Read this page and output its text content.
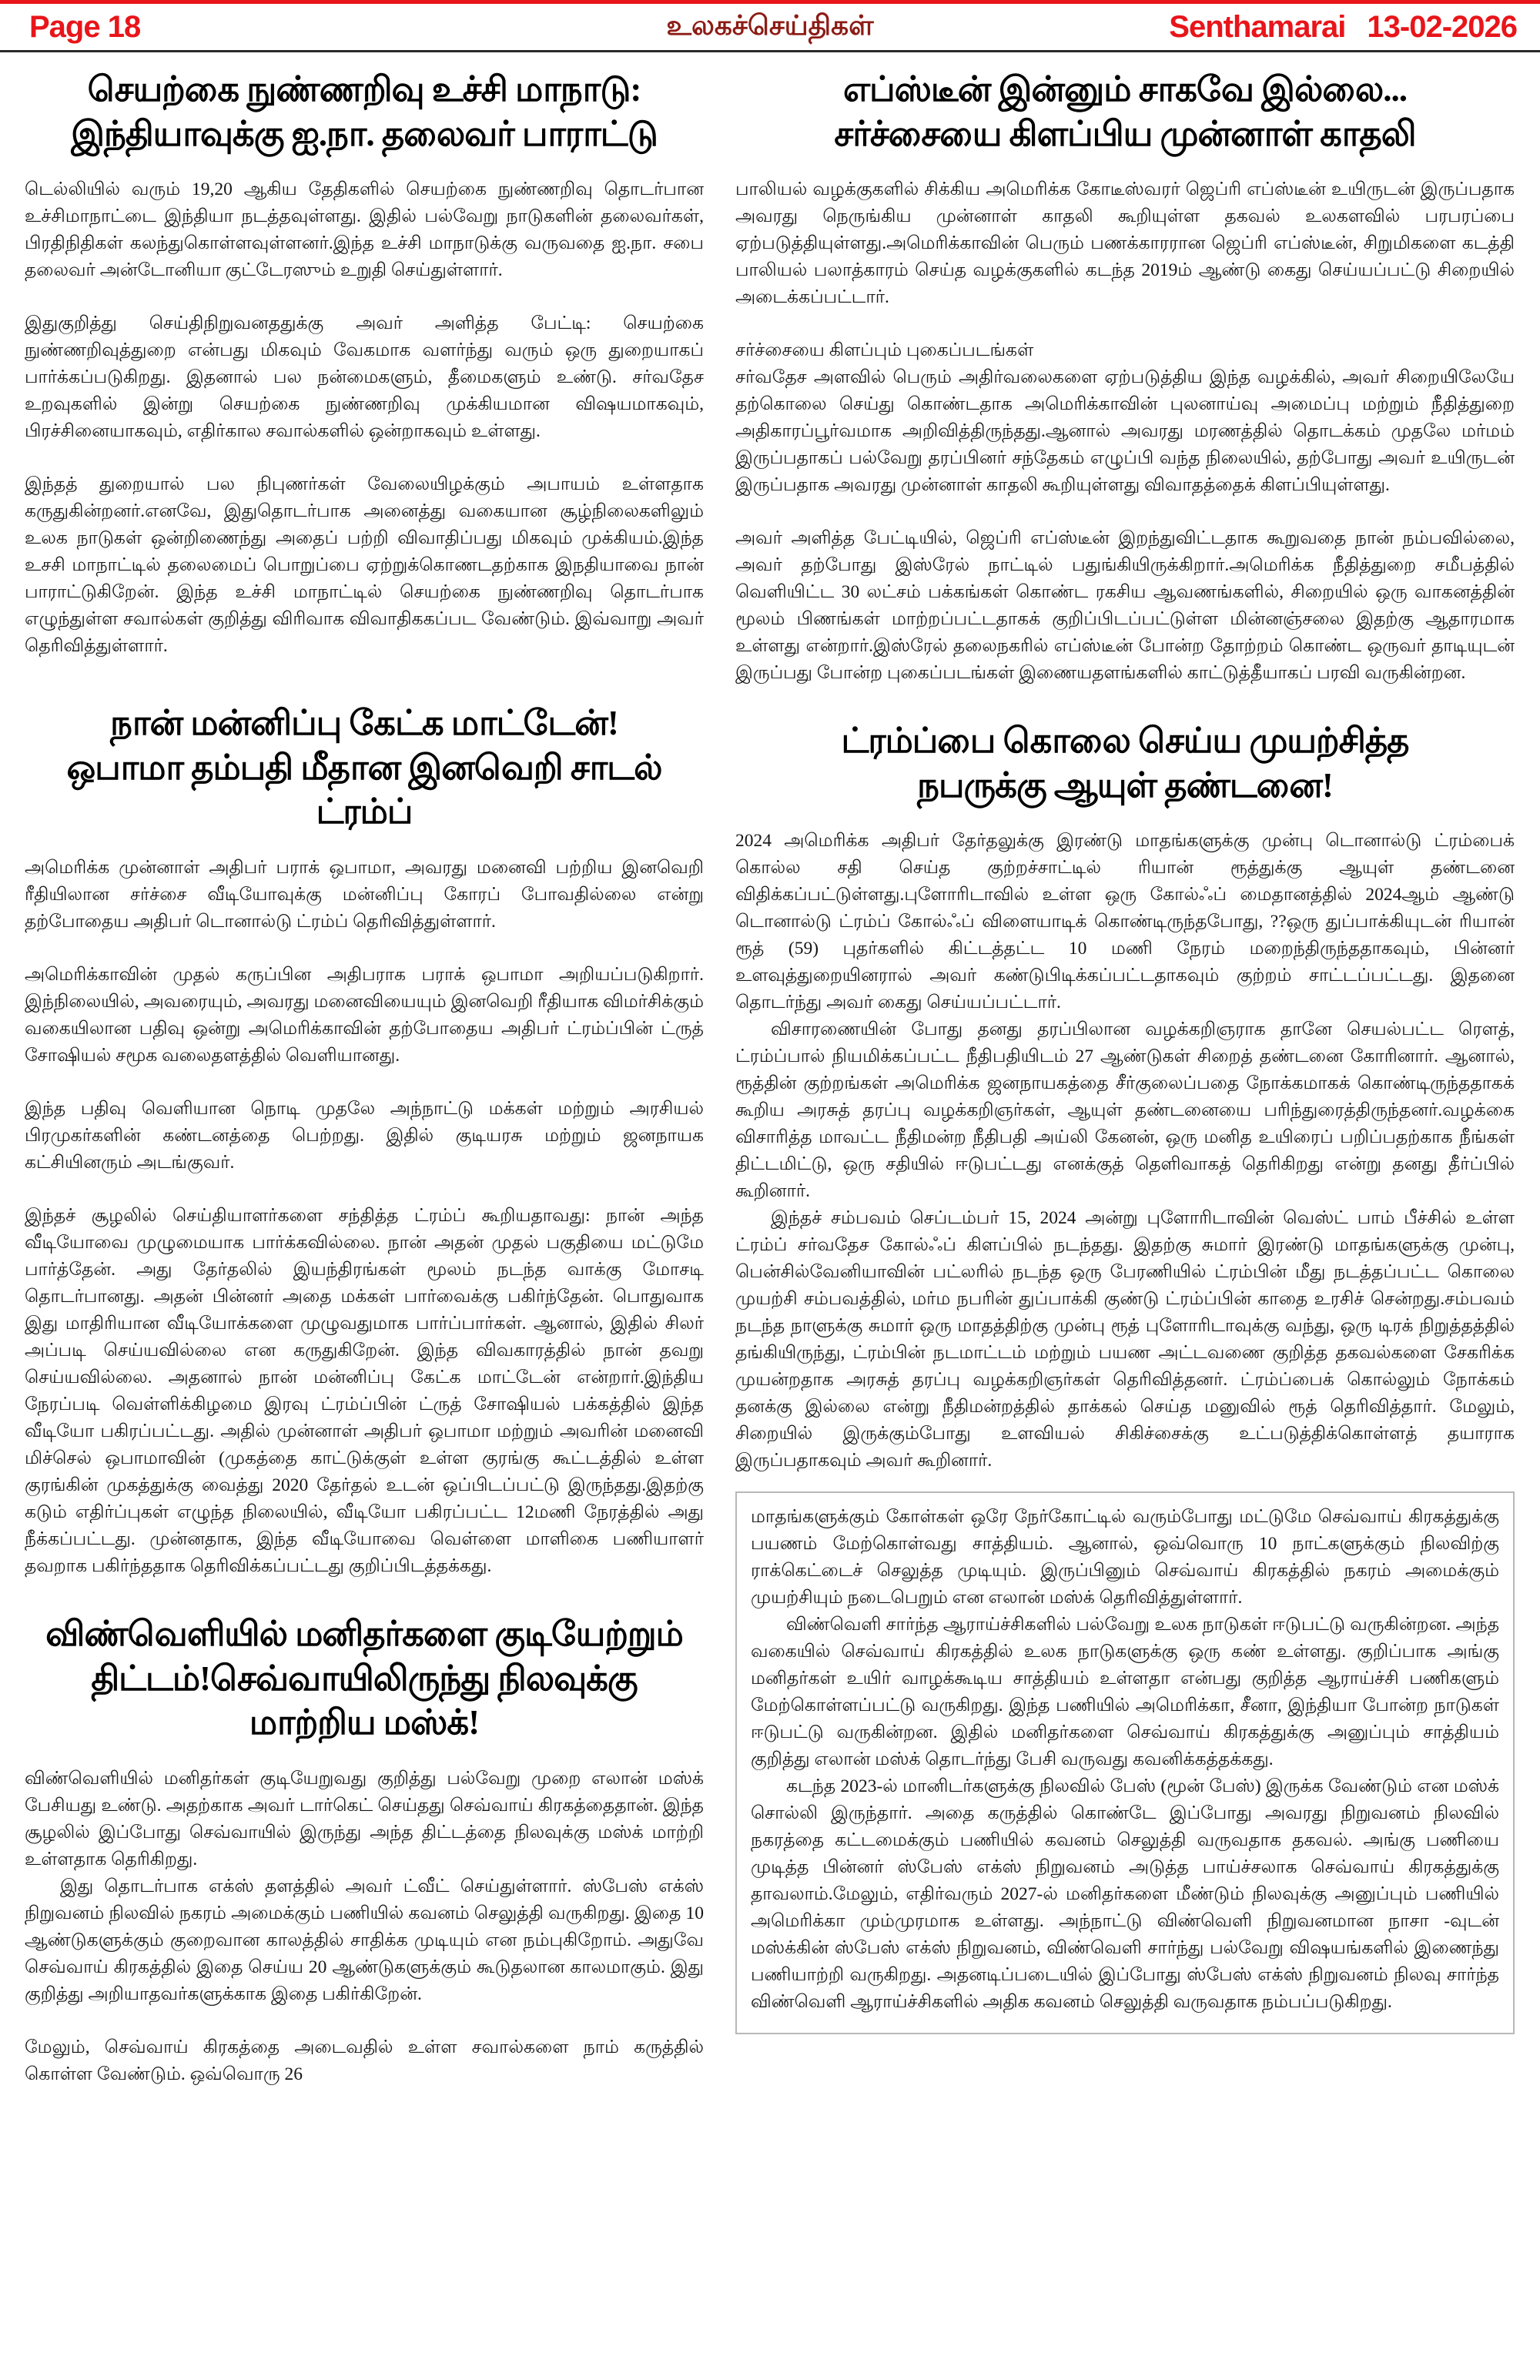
Page 18	உலகச்செய்திகள்	Senthamarai 13-02-2026
செயற்கை நுண்ணறிவு உச்சி மாநாடு:
இந்தியாவுக்கு ஐ.நா. தலைவர் பாராட்டு

டெல்லியில் வரும் 19,20 ஆகிய தேதிகளில் செயற்கை நுண்ணறிவு தொடர்பான உச்சிமாநாட்டை இந்தியா நடத்தவுள்ளது. இதில் பல்வேறு நாடுகளின் தலைவர்கள், பிரதிநிதிகள் கலந்துகொள்ளவுள்ளனர்.இந்த உச்சி மாநாடுக்கு வருவதை ஐ.நா. சபை தலைவர் அன்டோனியா குட்டேரஸும் உறுதி செய்துள்ளார்.

இதுகுறித்து செய்திநிறுவனததுக்கு அவர் அளித்த பேட்டி: செயற்கை நுண்ணறிவுத்துறை என்பது மிகவும் வேகமாக வளர்ந்து வரும் ஒரு துறையாகப் பார்க்கப்படுகிறது. இதனால் பல நன்மைகளும், தீமைகளும் உண்டு. சர்வதேச உறவுகளில் இன்று செயற்கை நுண்ணறிவு முக்கியமான விஷயமாகவும், பிரச்சினையாகவும், எதிர்கால சவால்களில் ஒன்றாகவும் உள்ளது.

இந்தத் துறையால் பல நிபுணர்கள் வேலையிழக்கும் அபாயம் உள்ளதாக கருதுகின்றனர்.எனவே, இதுதொடர்பாக அனைத்து வகையான சூழ்நிலைகளிலும் உலக நாடுகள் ஒன்றிணைந்து அதைப் பற்றி விவாதிப்பது மிகவும் முக்கியம்.இந்த உசசி மாநாட்டில் தலைமைப் பொறுப்பை ஏற்றுக்கொணடதற்காக இநதியாவை நான் பாராட்டுகிறேன். இந்த உச்சி மாநாட்டில் செயற்கை நுண்ணறிவு தொடர்பாக எழுந்துள்ள சவால்கள் குறித்து விரிவாக விவாதிககப்பட வேண்டும். இவ்வாறு அவர் தெரிவித்துள்ளார்.

நான் மன்னிப்பு கேட்க மாட்டேன்!
ஒபாமா தம்பதி மீதான இனவெறி சாடல் ட்ரம்ப்

அமெரிக்க முன்னாள் அதிபர் பராக் ஒபாமா, அவரது மனைவி பற்றிய இனவெறி ரீதியிலான சர்ச்சை வீடியோவுக்கு மன்னிப்பு கோரப் போவதில்லை என்று தற்போதைய அதிபர் டொனால்டு ட்ரம்ப் தெரிவித்துள்ளார்.

அமெரிக்காவின் முதல் கருப்பின அதிபராக பராக் ஒபாமா அறியப்படுகிறார். இந்நிலையில், அவரையும், அவரது மனைவியையும் இனவெறி ரீதியாக விமர்சிக்கும் வகையிலான பதிவு ஒன்று அமெரிக்காவின் தற்போதைய அதிபர் ட்ரம்ப்பின் ட்ருத் சோஷியல் சமூக வலைதளத்தில் வெளியானது.

இந்த பதிவு வெளியான நொடி முதலே அந்நாட்டு மக்கள் மற்றும் அரசியல் பிரமுகர்களின் கண்டனத்தை பெற்றது. இதில் குடியரசு மற்றும் ஜனநாயக கட்சியினரும் அடங்குவர்.

இந்தச் சூழலில் செய்தியாளர்களை சந்தித்த ட்ரம்ப் கூறியதாவது: நான் அந்த வீடியோவை முழுமையாக பார்க்கவில்லை. நான் அதன் முதல் பகுதியை மட்டுமே பார்த்தேன். அது தேர்தலில் இயந்திரங்கள் மூலம் நடந்த வாக்கு மோசடி தொடர்பானது. அதன் பின்னர் அதை மக்கள் பார்வைக்கு பகிர்ந்தேன். பொதுவாக இது மாதிரியான வீடியோக்களை முழுவதுமாக பார்ப்பார்கள். ஆனால், இதில் சிலர் அப்படி செய்யவில்லை என கருதுகிறேன். இந்த விவகாரத்தில் நான் தவறு செய்யவில்லை. அதனால் நான் மன்னிப்பு கேட்க மாட்டேன் என்றார்.இந்திய நேரப்படி வெள்ளிக்கிழமை இரவு ட்ரம்ப்பின் ட்ருத் சோஷியல் பக்கத்தில் இந்த வீடியோ பகிரப்பட்டது. அதில் முன்னாள் அதிபர் ஒபாமா மற்றும் அவரின் மனைவி மிச்செல் ஒபாமாவின் (முகத்தை காட்டுக்குள் உள்ள குரங்கு கூட்டத்தில் உள்ள குரங்கின் முகத்துக்கு வைத்து 2020 தேர்தல் உடன் ஒப்பிடப்பட்டு இருந்தது.இதற்கு கடும் எதிர்ப்புகள் எழுந்த நிலையில், வீடியோ பகிரப்பட்ட 12மணி நேரத்தில் அது நீக்கப்பட்டது. முன்னதாக, இந்த வீடியோவை வெள்ளை மாளிகை பணியாளர் தவறாக பகிர்ந்ததாக தெரிவிக்கப்பட்டது குறிப்பிடத்தக்கது.

விண்வெளியில் மனிதர்களை குடியேற்றும்
திட்டம்!செவ்வாயிலிருந்து நிலவுக்கு மாற்றிய மஸ்க்!

விண்வெளியில் மனிதர்கள் குடியேறுவது குறித்து பல்வேறு முறை எலான் மஸ்க் பேசியது உண்டு. அதற்காக அவர் டார்கெட் செய்தது செவ்வாய் கிரகத்தைதான். இந்த சூழலில் இப்போது செவ்வாயில் இருந்து அந்த திட்டத்தை நிலவுக்கு மஸ்க் மாற்றி உள்ளதாக தெரிகிறது.

இது தொடர்பாக எக்ஸ் தளத்தில் அவர் ட்வீட் செய்துள்ளார். ஸ்பேஸ் எக்ஸ் நிறுவனம் நிலவில் நகரம் அமைக்கும் பணியில் கவனம் செலுத்தி வருகிறது. இதை 10 ஆண்டுகளுக்கும் குறைவான காலத்தில் சாதிக்க முடியும் என நம்புகிறோம். அதுவே செவ்வாய் கிரகத்தில் இதை செய்ய 20 ஆண்டுகளுக்கும் கூடுதலான காலமாகும். இது குறித்து அறியாதவர்களுக்காக இதை பகிர்கிறேன்.

மேலும், செவ்வாய் கிரகத்தை அடைவதில் உள்ள சவால்களை நாம் கருத்தில் கொள்ள வேண்டும். ஒவ்வொரு 26

எப்ஸ்டீன் இன்னும் சாகவே இல்லை...
சர்ச்சையை கிளப்பிய முன்னாள் காதலி

பாலியல் வழக்குகளில் சிக்கிய அமெரிக்க கோடீஸ்வரர் ஜெப்ரி எப்ஸ்டீன் உயிருடன் இருப்பதாக அவரது நெருங்கிய முன்னாள் காதலி கூறியுள்ள தகவல் உலகளவில் பரபரப்பை ஏற்படுத்தியுள்ளது.அமெரிக்காவின் பெரும் பணக்காரரான ஜெப்ரி எப்ஸ்டீன், சிறுமிகளை கடத்தி பாலியல் பலாத்காரம் செய்த வழக்குகளில் கடந்த 2019ம் ஆண்டு கைது செய்யப்பட்டு சிறையில் அடைக்கப்பட்டார்.

சர்ச்சையை கிளப்பும் புகைப்படங்கள்

சர்வதேச அளவில் பெரும் அதிர்வலைகளை ஏற்படுத்திய இந்த வழக்கில், அவர் சிறையிலேயே தற்கொலை செய்து கொண்டதாக அமெரிக்காவின் புலனாய்வு அமைப்பு மற்றும் நீதித்துறை அதிகாரப்பூர்வமாக அறிவித்திருந்தது.ஆனால் அவரது மரணத்தில் தொடக்கம் முதலே மர்மம் இருப்பதாகப் பல்வேறு தரப்பினர் சந்தேகம் எழுப்பி வந்த நிலையில், தற்போது அவர் உயிருடன் இருப்பதாக அவரது முன்னாள் காதலி கூறியுள்ளது விவாதத்தைக் கிளப்பியுள்ளது.

அவர் அளித்த பேட்டியில், ஜெப்ரி எப்ஸ்டீன் இறந்துவிட்டதாக கூறுவதை நான் நம்பவில்லை, அவர் தற்போது இஸ்ரேல் நாட்டில் பதுங்கியிருக்கிறார்.அமெரிக்க நீதித்துறை சமீபத்தில் வெளியிட்ட 30 லட்சம் பக்கங்கள் கொண்ட ரகசிய ஆவணங்களில், சிறையில் ஒரு வாகனத்தின் மூலம் பிணங்கள் மாற்றப்பட்டதாகக் குறிப்பிடப்பட்டுள்ள மின்னஞ்சலை இதற்கு ஆதாரமாக உள்ளது என்றார்.இஸ்ரேல் தலைநகரில் எப்ஸ்டீன் போன்ற தோற்றம் கொண்ட ஒருவர் தாடியுடன் இருப்பது போன்ற புகைப்படங்கள் இணையதளங்களில் காட்டுத்தீயாகப் பரவி வருகின்றன.

ட்ரம்ப்பை கொலை செய்ய முயற்சித்த
நபருக்கு ஆயுள் தண்டனை!

2024 அமெரிக்க அதிபர் தேர்தலுக்கு இரண்டு மாதங்களுக்கு முன்பு டொனால்டு ட்ரம்பைக் கொல்ல சதி செய்த குற்றச்சாட்டில் ரியான் ரூத்துக்கு ஆயுள் தண்டனை விதிக்கப்பட்டுள்ளது.புளோரிடாவில் உள்ள ஒரு கோல்ஃப் மைதானத்தில் 2024ஆம் ஆண்டு டொனால்டு ட்ரம்ப் கோல்ஃப் விளையாடிக் கொண்டிருந்தபோது, ??ஒரு துப்பாக்கியுடன் ரியான் ரூத் (59) புதர்களில் கிட்டத்தட்ட 10 மணி நேரம் மறைந்திருந்ததாகவும், பின்னர் உளவுத்துறையினரால் அவர் கண்டுபிடிக்கப்பட்டதாகவும் குற்றம் சாட்டப்பட்டது. இதனை தொடர்ந்து அவர் கைது செய்யப்பட்டார்.

விசாரணையின் போது தனது தரப்பிலான வழக்கறிஞராக தானே செயல்பட்ட ரௌத், ட்ரம்ப்பால் நியமிக்கப்பட்ட நீதிபதியிடம் 27 ஆண்டுகள் சிறைத் தண்டனை கோரினார். ஆனால், ரூத்தின் குற்றங்கள் அமெரிக்க ஜனநாயகத்தை சீர்குலைப்பதை நோக்கமாகக் கொண்டிருந்ததாகக் கூறிய அரசுத் தரப்பு வழக்கறிஞர்கள், ஆயுள் தண்டனையை பரிந்துரைத்திருந்தனர்.வழக்கை விசாரித்த மாவட்ட நீதிமன்ற நீதிபதி அய்லி கேனன், ஒரு மனித உயிரைப் பறிப்பதற்காக நீங்கள் திட்டமிட்டு, ஒரு சதியில் ஈடுபட்டது எனக்குத் தெளிவாகத் தெரிகிறது என்று தனது தீர்ப்பில் கூறினார்.

இந்தச் சம்பவம் செப்டம்பர் 15, 2024 அன்று புளோரிடாவின் வெஸ்ட் பாம் பீச்சில் உள்ள ட்ரம்ப் சர்வதேச கோல்ஃப் கிளப்பில் நடந்தது. இதற்கு சுமார் இரண்டு மாதங்களுக்கு முன்பு, பென்சில்வேனியாவின் பட்லரில் நடந்த ஒரு பேரணியில் ட்ரம்பின் மீது நடத்தப்பட்ட கொலை முயற்சி சம்பவத்தில், மர்ம நபரின் துப்பாக்கி குண்டு ட்ரம்ப்பின் காதை உரசிச் சென்றது.சம்பவம் நடந்த நாளுக்கு சுமார் ஒரு மாதத்திற்கு முன்பு ரூத் புளோரிடாவுக்கு வந்து, ஒரு டிரக் நிறுத்தத்தில் தங்கியிருந்து, ட்ரம்பின் நடமாட்டம் மற்றும் பயண அட்டவணை குறித்த தகவல்களை சேகரிக்க முயன்றதாக அரசுத் தரப்பு வழக்கறிஞர்கள் தெரிவித்தனர். ட்ரம்ப்பைக் கொல்லும் நோக்கம் தனக்கு இல்லை என்று நீதிமன்றத்தில் தாக்கல் செய்த மனுவில் ரூத் தெரிவித்தார். மேலும், சிறையில் இருக்கும்போது உளவியல் சிகிச்சைக்கு உட்படுத்திக்கொள்ளத் தயாராக இருப்பதாகவும் அவர் கூறினார்.

மாதங்களுக்கும் கோள்கள் ஒரே நேர்கோட்டில் வரும்போது மட்டுமே செவ்வாய் கிரகத்துக்கு பயணம் மேற்கொள்வது சாத்தியம். ஆனால், ஒவ்வொரு 10 நாட்களுக்கும் நிலவிற்கு ராக்கெட்டைச் செலுத்த முடியும். இருப்பினும் செவ்வாய் கிரகத்தில் நகரம் அமைக்கும் முயற்சியும் நடைபெறும் என எலான் மஸ்க் தெரிவித்துள்ளார்.

விண்வெளி சார்ந்த ஆராய்ச்சிகளில் பல்வேறு உலக நாடுகள் ஈடுபட்டு வருகின்றன. அந்த வகையில் செவ்வாய் கிரகத்தில் உலக நாடுகளுக்கு ஒரு கண் உள்ளது. குறிப்பாக அங்கு மனிதர்கள் உயிர் வாழக்கூடிய சாத்தியம் உள்ளதா என்பது குறித்த ஆராய்ச்சி பணிகளும் மேற்கொள்ளப்பட்டு வருகிறது. இந்த பணியில் அமெரிக்கா, சீனா, இந்தியா போன்ற நாடுகள் ஈடுபட்டு வருகின்றன. இதில் மனிதர்களை செவ்வாய் கிரகத்துக்கு அனுப்பும் சாத்தியம் குறித்து எலான் மஸ்க் தொடர்ந்து பேசி வருவது கவனிக்கத்தக்கது.

கடந்த 2023-ல் மானிடர்களுக்கு நிலவில் பேஸ் (மூன் பேஸ்) இருக்க வேண்டும் என மஸ்க் சொல்லி இருந்தார். அதை கருத்தில் கொண்டே இப்போது அவரது நிறுவனம் நிலவில் நகரத்தை கட்டமைக்கும் பணியில் கவனம் செலுத்தி வருவதாக தகவல். அங்கு பணியை முடித்த பின்னர் ஸ்பேஸ் எக்ஸ் நிறுவனம் அடுத்த பாய்ச்சலாக செவ்வாய் கிரகத்துக்கு தாவலாம்.மேலும், எதிர்வரும் 2027-ல் மனிதர்களை மீண்டும் நிலவுக்கு அனுப்பும் பணியில் அமெரிக்கா மும்முரமாக உள்ளது. அந்நாட்டு விண்வெளி நிறுவனமான நாசா -வுடன் மஸ்க்கின் ஸ்பேஸ் எக்ஸ் நிறுவனம், விண்வெளி சார்ந்து பல்வேறு விஷயங்களில் இணைந்து பணியாற்றி வருகிறது. அதனடிப்படையில் இப்போது ஸ்பேஸ் எக்ஸ் நிறுவனம் நிலவு சார்ந்த விண்வெளி ஆராய்ச்சிகளில் அதிக கவனம் செலுத்தி வருவதாக நம்பப்படுகிறது.
